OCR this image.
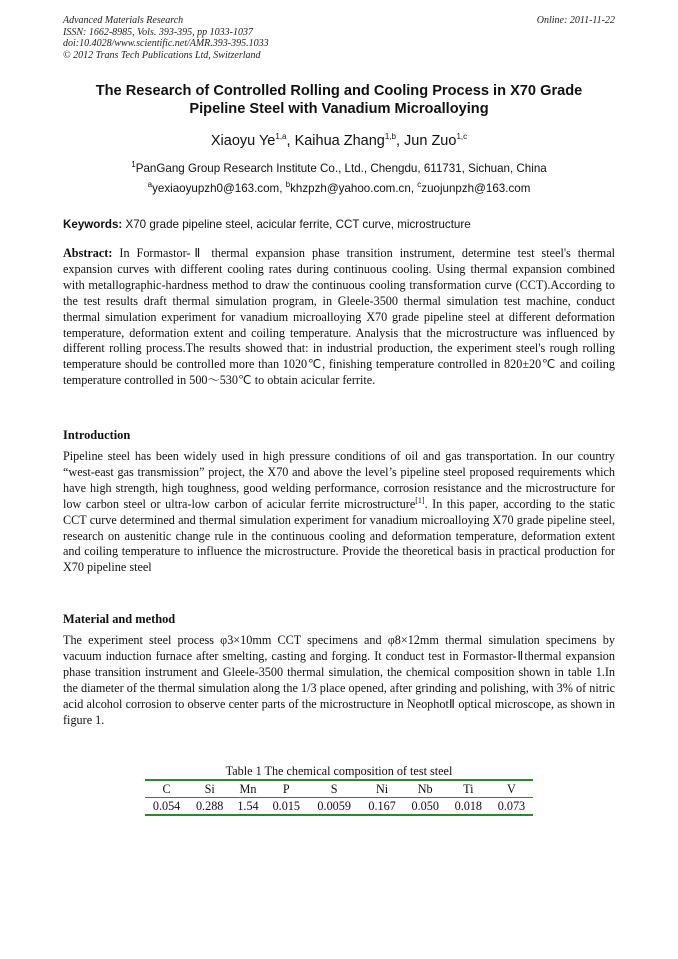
Advanced Materials Research
ISSN: 1662-8985, Vols. 393-395, pp 1033-1037
doi:10.4028/www.scientific.net/AMR.393-395.1033
© 2012 Trans Tech Publications Ltd, Switzerland
Online: 2011-11-22
The Research of Controlled Rolling and Cooling Process in X70 Grade
Pipeline Steel with Vanadium Microalloying
Xiaoyu Ye$^{1,a}$, Kaihua Zhang$^{1,b}$, Jun Zuo$^{1,c}$
$^1$PanGang Group Research Institute Co., Ltd., Chengdu, 611731, Sichuan, China
$^a$yexiaoyupzh0@163.com, $^b$khzpzh@yahoo.com.cn, $^c$zuojunpzh@163.com
Keywords: X70 grade pipeline steel, acicular ferrite, CCT curve, microstructure
Abstract: In Formastor-Ⅱ thermal expansion phase transition instrument, determine test steel's thermal expansion curves with different cooling rates during continuous cooling. Using thermal expansion combined with metallographic-hardness method to draw the continuous cooling transformation curve (CCT).According to the test results draft thermal simulation program, in Gleele-3500 thermal simulation test machine, conduct thermal simulation experiment for vanadium microalloying X70 grade pipeline steel at different deformation temperature, deformation extent and coiling temperature. Analysis that the microstructure was influenced by different rolling process.The results showed that: in industrial production, the experiment steel's rough rolling temperature should be controlled more than 1020℃, finishing temperature controlled in 820±20℃ and coiling temperature controlled in 500～530℃ to obtain acicular ferrite.
Introduction
Pipeline steel has been widely used in high pressure conditions of oil and gas transportation. In our country “west-east gas transmission” project, the X70 and above the level’s pipeline steel proposed requirements which have high strength, high toughness, good welding performance, corrosion resistance and the microstructure for low carbon steel or ultra-low carbon of acicular ferrite microstructure[1]. In this paper, according to the static CCT curve determined and thermal simulation experiment for vanadium microalloying X70 grade pipeline steel, research on austenitic change rule in the continuous cooling and deformation temperature, deformation extent and coiling temperature to influence the microstructure. Provide the theoretical basis in practical production for X70 pipeline steel
Material and method
The experiment steel process φ3×10mm CCT specimens and φ8×12mm thermal simulation specimens by vacuum induction furnace after smelting, casting and forging. It conduct test in Formastor-Ⅱthermal expansion phase transition instrument and Gleele-3500 thermal simulation, the chemical composition shown in table 1.In the diameter of the thermal simulation along the 1/3 place opened, after grinding and polishing, with 3% of nitric acid alcohol corrosion to observe center parts of the microstructure in NeophotⅡ optical microscope, as shown in figure 1.
Table 1 The chemical composition of test steel
C	Si	Mn	P	S	Ni	Nb	Ti	V
0.054	0.288	1.54	0.015	0.0059	0.167	0.050	0.018	0.073
